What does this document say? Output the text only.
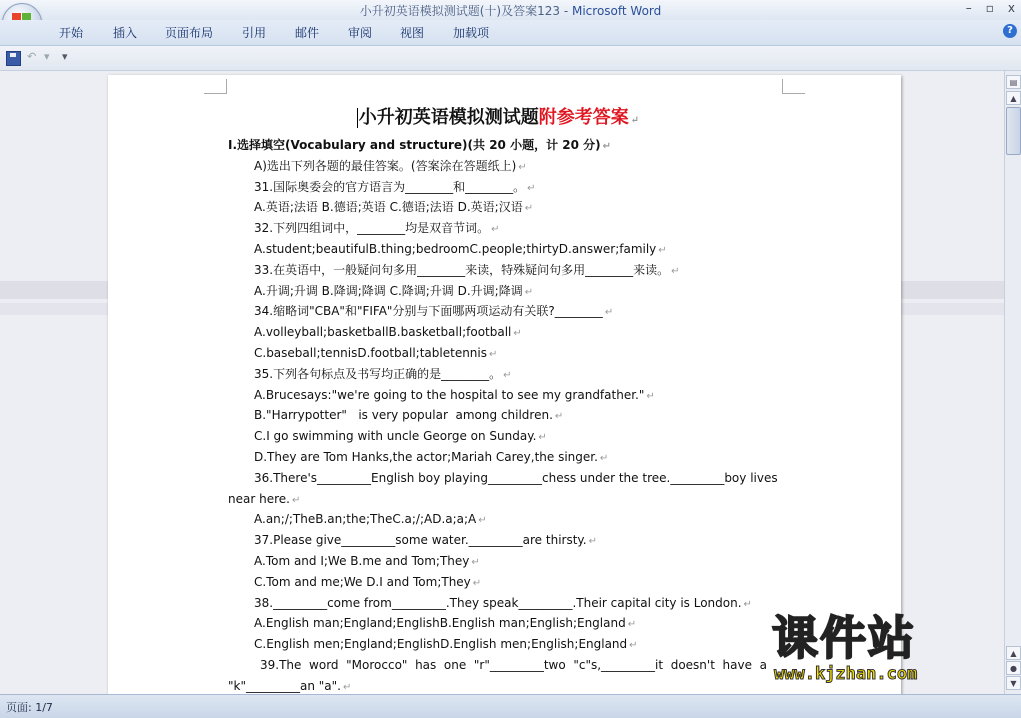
小升初英语模拟测试题(十)及答案123 - Microsoft Word	– ▫ x
开始 插入 页面布局 引用 邮件 审阅 视图 加载项	?
↶ ▾ ▾
小升初英语模拟测试题附参考答案 ↵
I.选择填空(Vocabulary and structure)(共 20 小题，计 20 分) ↵
A)选出下列各题的最佳答案。(答案涂在答题纸上) ↵
31.国际奥委会的官方语言为________和________。 ↵
A.英语;法语 B.德语;英语 C.德语;法语 D.英语;汉语 ↵
32.下列四组词中，________均是双音节词。 ↵
A.student;beautifulB.thing;bedroomC.people;thirtyD.answer;family ↵
33.在英语中，一般疑问句多用________来读，特殊疑问句多用________来读。 ↵
A.升调;升调 B.降调;降调 C.降调;升调 D.升调;降调 ↵
34.缩略词"CBA"和"FIFA"分别与下面哪两项运动有关联?________ ↵
A.volleyball;basketballB.basketball;football ↵
C.baseball;tennisD.football;tabletennis ↵
35.下列各句标点及书写均正确的是________。 ↵
A.Brucesays:"we're going to the hospital to see my grandfather." ↵
B."Harrypotter"   is very popular  among children. ↵
C.I go swimming with uncle George on Sunday. ↵
D.They are Tom Hanks,the actor;Mariah Carey,the singer. ↵
36.There's_________English boy playing_________chess under the tree._________boy lives
near here. ↵
A.an;/;TheB.an;the;TheC.a;/;AD.a;a;A ↵
37.Please give_________some water._________are thirsty. ↵
A.Tom and I;We B.me and Tom;They ↵
C.Tom and me;We D.I and Tom;They ↵
38._________come from_________.They speak_________.Their capital city is London. ↵
A.English man;England;EnglishB.English man;English;England ↵
C.English men;England;EnglishD.English men;English;England ↵
39.The  word  "Morocco"  has  one  "r"_________two  "c"s,_________it  doesn't  have  a
"k"_________an "a". ↵
▤
▲
▲
●
▼
页面: 1/7
课件站
www.kjzhan.com
